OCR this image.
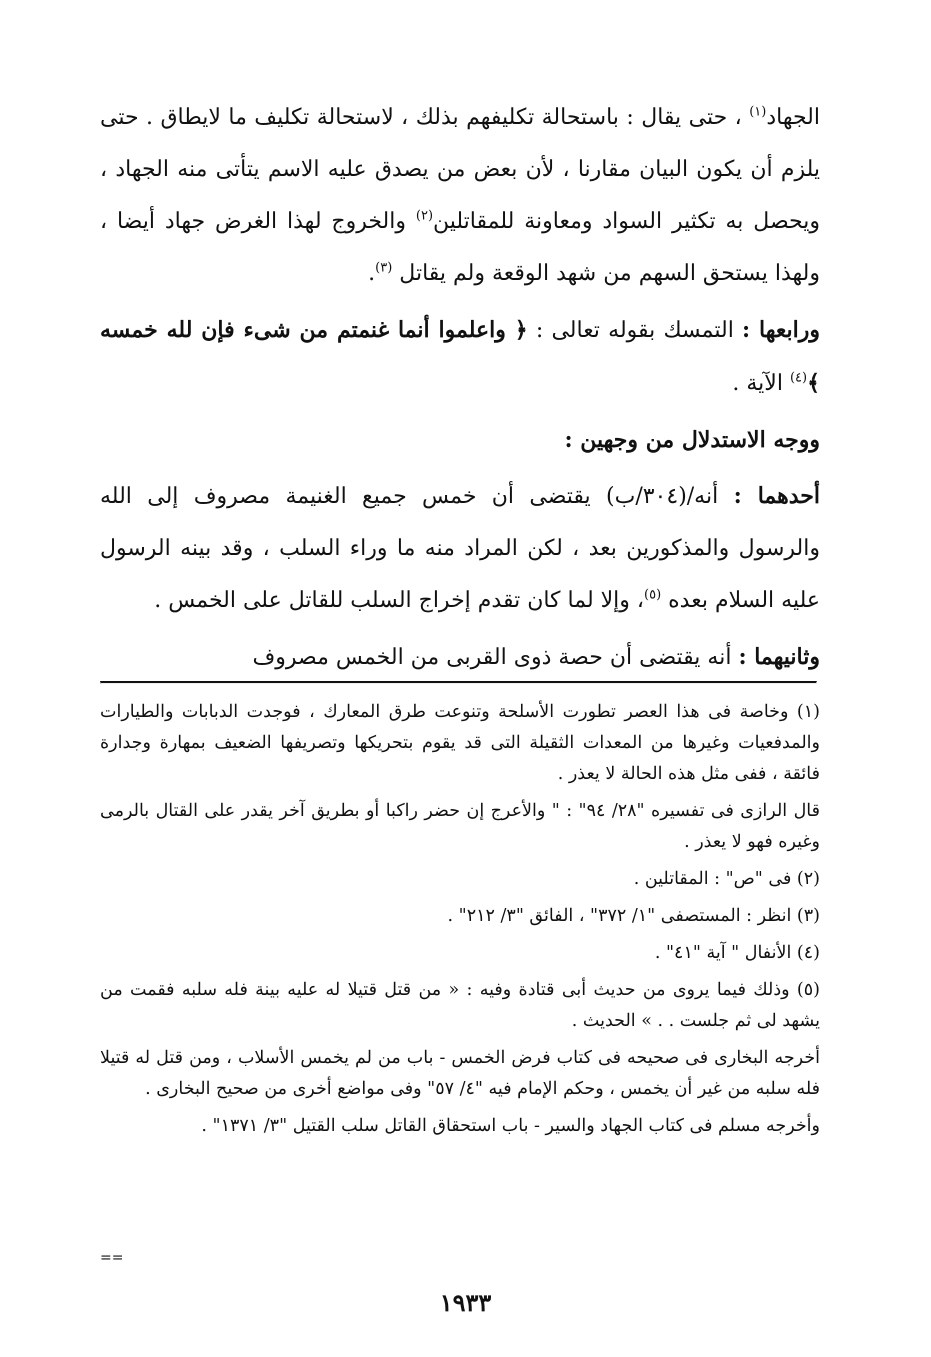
الجهاد$^{(١)}$ ، حتى يقال : باستحالة تكليفهم بذلك ، لاستحالة تكليف ما لايطاق . حتى يلزم أن يكون البيان مقارنا ، لأن بعض من يصدق عليه الاسم يتأتى منه الجهاد ، ويحصل به تكثير السواد ومعاونة للمقاتلين$^{(٢)}$ والخروج لهذا الغرض جهاد أيضا ، ولهذا يستحق السهم من شهد الوقعة ولم يقاتل $^{(٣)}$.

ورابعها : التمسك بقوله تعالى : ﴿ واعلموا أنما غنمتم من شىء فإن لله خمسه ﴾$^{(٤)}$ الآية .

ووجه الاستدلال من وجهين :

أحدهما : أنه/(٣٠٤/ب) يقتضى أن خمس جميع الغنيمة مصروف إلى الله والرسول والمذكورين بعد ، لكن المراد منه ما وراء السلب ، وقد بينه الرسول عليه السلام بعده $^{(٥)}$، وإلا لما كان تقدم إخراج السلب للقاتل على الخمس .

وثانيهما : أنه يقتضى أن حصة ذوى القربى من الخمس مصروف

(١) وخاصة فى هذا العصر تطورت الأسلحة وتنوعت طرق المعارك ، فوجدت الدبابات والطيارات والمدفعيات وغيرها من المعدات الثقيلة التى قد يقوم بتحريكها وتصريفها الضعيف بمهارة وجدارة فائقة ، ففى مثل هذه الحالة لا يعذر .

قال الرازى فى تفسيره "٢٨/ ٩٤" : " والأعرج إن حضر راكبا أو بطريق آخر يقدر على القتال بالرمى وغيره فهو لا يعذر .

(٢) فى "ص" : المقاتلين .

(٣) انظر : المستصفى "١/ ٣٧٢" ، الفائق "٣/ ٢١٢" .

(٤) الأنفال " آية "٤١" .

(٥) وذلك فيما يروى من حديث أبى قتادة وفيه : « من قتل قتيلا له عليه بينة فله سلبه فقمت من يشهد لى ثم جلست . . » الحديث .

أخرجه البخارى فى صحيحه فى كتاب فرض الخمس - باب من لم يخمس الأسلاب ، ومن قتل له قتيلا فله سلبه من غير أن يخمس ، وحكم الإمام فيه "٤/ ٥٧" وفى مواضع أخرى من صحيح البخارى .

وأخرجه مسلم فى كتاب الجهاد والسير - باب استحقاق القاتل سلب القتيل "٣/ ١٣٧١" .

==
١٩٣٣
